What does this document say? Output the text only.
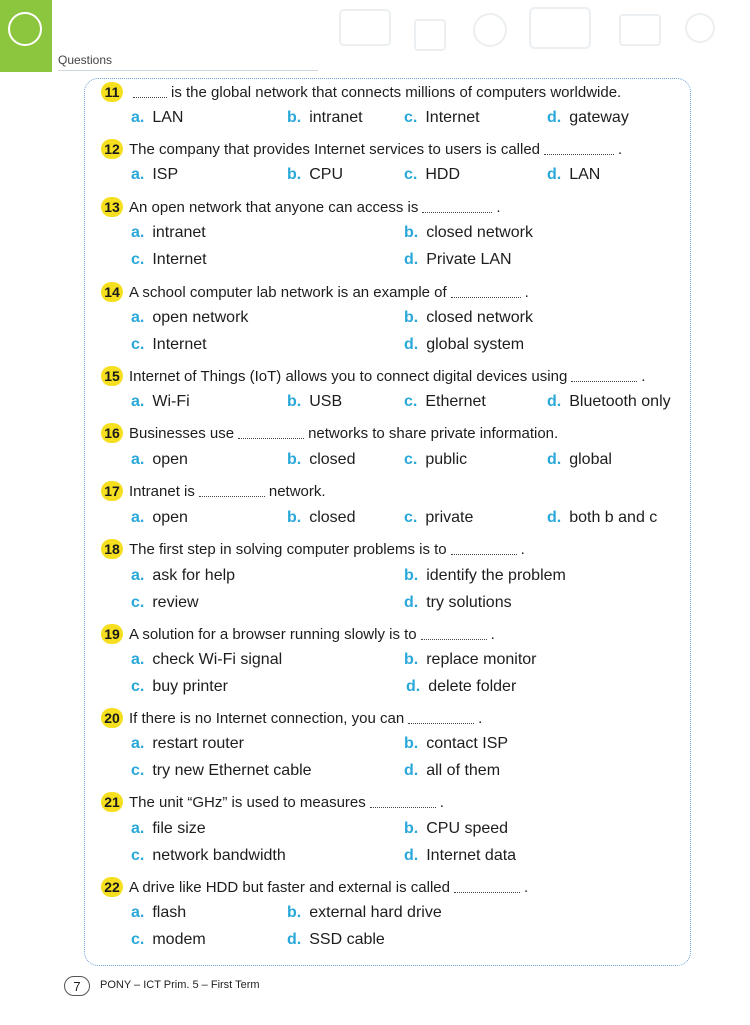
Questions
11	is the global network that connects millions of computers worldwide.
a. LAN	b. intranet	c. Internet	d. gateway
12 The company that provides Internet services to users is called	.
a. ISP	b. CPU	c. HDD	d. LAN
13 An open network that anyone can access is	.
a. intranet	b. closed network
c. Internet	d. Private LAN
14 A school computer lab network is an example of	.
a. open network	b. closed network
c. Internet	d. global system
15 Internet of Things (IoT) allows you to connect digital devices using	.
a. Wi-Fi	b. USB	c. Ethernet	d. Bluetooth only
16 Businesses use	networks to share private information.
a. open	b. closed	c. public	d. global
17 Intranet is	network.
a. open	b. closed	c. private	d. both b and c
18 The first step in solving computer problems is to	.
a. ask for help	b. identify the problem
c. review	d. try solutions
19 A solution for a browser running slowly is to	.
a. check Wi-Fi signal	b. replace monitor
c. buy printer	d. delete folder
20 If there is no Internet connection, you can	.
a. restart router	b. contact ISP
c. try new Ethernet cable	d. all of them
21 The unit “GHz” is used to measures	.
a. file size	b. CPU speed
c. network bandwidth	d. Internet data
22 A drive like HDD but faster and external is called	.
a. flash	b. external hard drive
c. modem	d. SSD cable
7	PONY – ICT Prim. 5 – First Term
